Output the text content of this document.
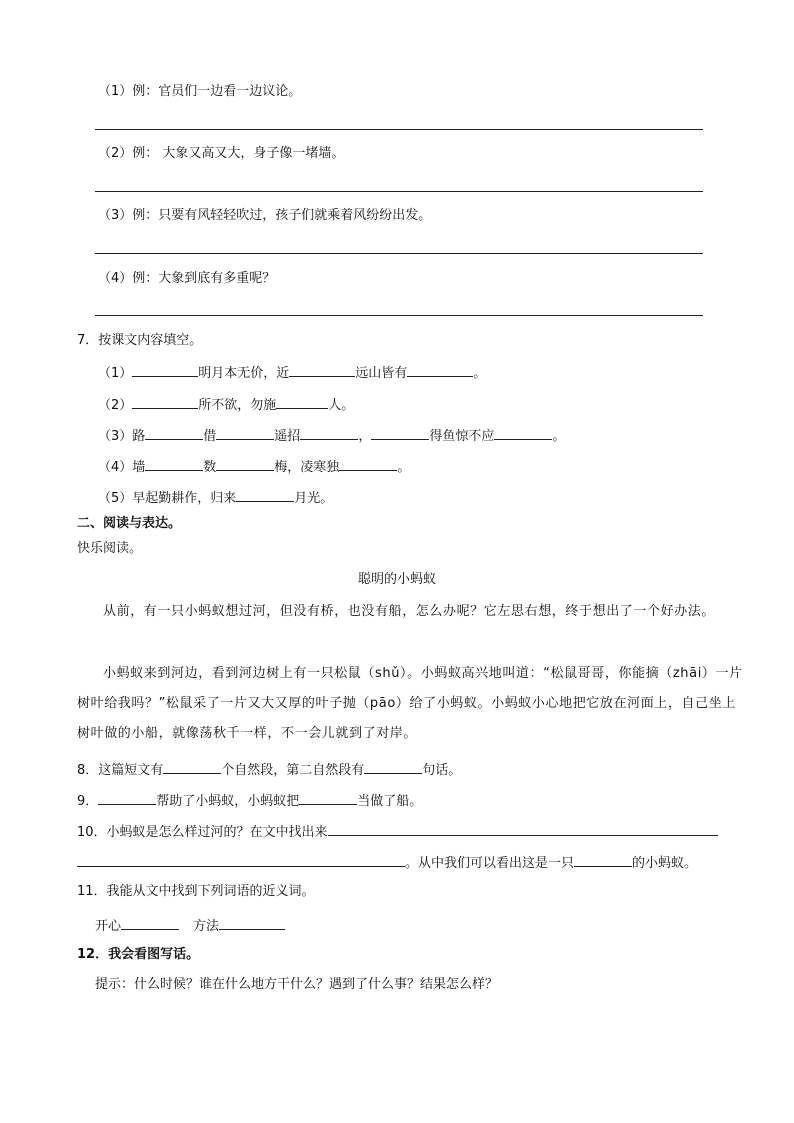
（1）例：官员们一边看一边议论。
（2）例： 大象又高又大，身子像一堵墙。
（3）例：只要有风轻轻吹过，孩子们就乘着风纷纷出发。
（4）例：大象到底有多重呢？
7．按课文内容填空。
（1）	明月本无价，近	远山皆有	。
（2）	所不欲，勿施	人。
（3）路	借	遥招	，	得鱼惊不应	。
（4）墙	数	梅，凌寒独	。
（5）早起勤耕作，归来	月光。
二、阅读与表达。
快乐阅读。
聪明的小蚂蚁
从前，有一只小蚂蚁想过河，但没有桥，也没有船，怎么办呢？它左思右想，终于想出了一个好办法。
小蚂蚁来到河边，看到河边树上有一只松鼠（shǔ）。小蚂蚁高兴地叫道：“松鼠哥哥，你能摘（zhāi）一片树叶给我吗？”松鼠采了一片又大又厚的叶子抛（pāo）给了小蚂蚁。小蚂蚁小心地把它放在河面上，自己坐上树叶做的小船，就像荡秋千一样，不一会儿就到了对岸。
8．这篇短文有	个自然段，第二自然段有	句话。
9．	帮助了小蚂蚁，小蚂蚁把	当做了船。
10．小蚂蚁是怎么样过河的？在文中找出来
。从中我们可以看出这是一只	的小蚂蚁。
11．我能从文中找到下列词语的近义词。
开心	方法
12．我会看图写话。
提示：什么时候？谁在什么地方干什么？遇到了什么事？结果怎么样？
